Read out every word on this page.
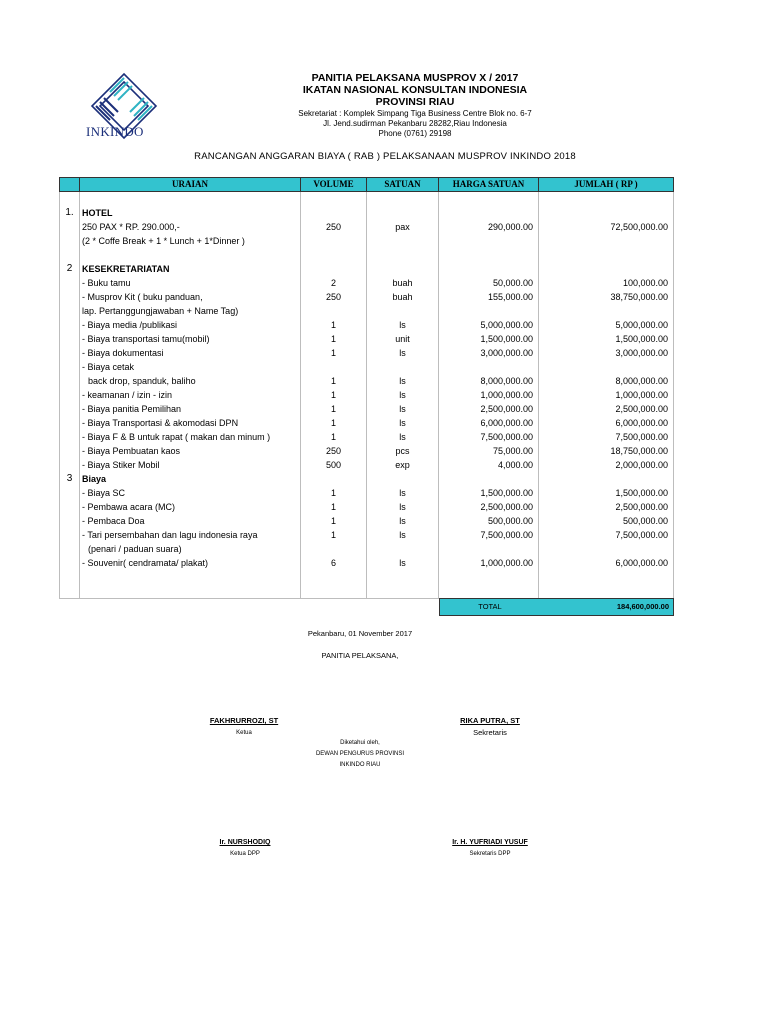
INKINDO
PANITIA PELAKSANA MUSPROV X / 2017
IKATAN NASIONAL KONSULTAN INDONESIA
PROVINSI RIAU
Sekretariat : Komplek Simpang Tiga Business Centre Blok no. 6-7
Jl. Jend.sudirman Pekanbaru 28282,Riau Indonesia
Phone (0761) 29198
RANCANGAN ANGGARAN BIAYA ( RAB ) PELAKSANAAN MUSPROV INKINDO 2018
	URAIAN	VOLUME	SATUAN	HARGA SATUAN	JUMLAH ( RP )

1.	HOTEL				
	250 PAX * RP. 290.000,-	250	pax	290,000.00	72,500,000.00
	(2 * Coffe Break + 1 * Lunch + 1*Dinner )				

2	KESEKRETARIATAN				
	- Buku tamu	2	buah	50,000.00	100,000.00
	- Musprov Kit ( buku panduan,	250	buah	155,000.00	38,750,000.00
	lap. Pertanggungjawaban + Name Tag)				
	- Biaya media /publikasi	1	ls	5,000,000.00	5,000,000.00
	- Biaya transportasi tamu(mobil)	1	unit	1,500,000.00	1,500,000.00
	- Biaya dokumentasi	1	ls	3,000,000.00	3,000,000.00
	- Biaya cetak				
	back drop, spanduk, baliho	1	ls	8,000,000.00	8,000,000.00
	- keamanan / izin - izin	1	ls	1,000,000.00	1,000,000.00
	- Biaya panitia Pemilihan	1	ls	2,500,000.00	2,500,000.00
	- Biaya Transportasi & akomodasi DPN	1	ls	6,000,000.00	6,000,000.00
	- Biaya F & B untuk rapat ( makan dan minum )	1	ls	7,500,000.00	7,500,000.00
	- Biaya Pembuatan kaos	250	pcs	75,000.00	18,750,000.00
	- Biaya Stiker Mobil	500	exp	4,000.00	2,000,000.00
3	Biaya				
	- Biaya SC	1	ls	1,500,000.00	1,500,000.00
	- Pembawa acara (MC)	1	ls	2,500,000.00	2,500,000.00
	- Pembaca Doa	1	ls	500,000.00	500,000.00
	- Tari persembahan dan lagu indonesia raya	1	ls	7,500,000.00	7,500,000.00
	(penari / paduan suara)				
	- Souvenir( cendramata/ plakat)	6	ls	1,000,000.00	6,000,000.00

TOTAL	184,600,000.00
Pekanbaru, 01 November 2017
PANITIA PELAKSANA,
FAKHRURROZI, ST
Ketua
RIKA PUTRA, ST
Sekretaris
Diketahui oleh,
DEWAN PENGURUS PROVINSI
INKINDO RIAU
Ir. NURSHODIQ
Ketua DPP
Ir. H. YUFRIADI YUSUF
Sekretaris DPP
